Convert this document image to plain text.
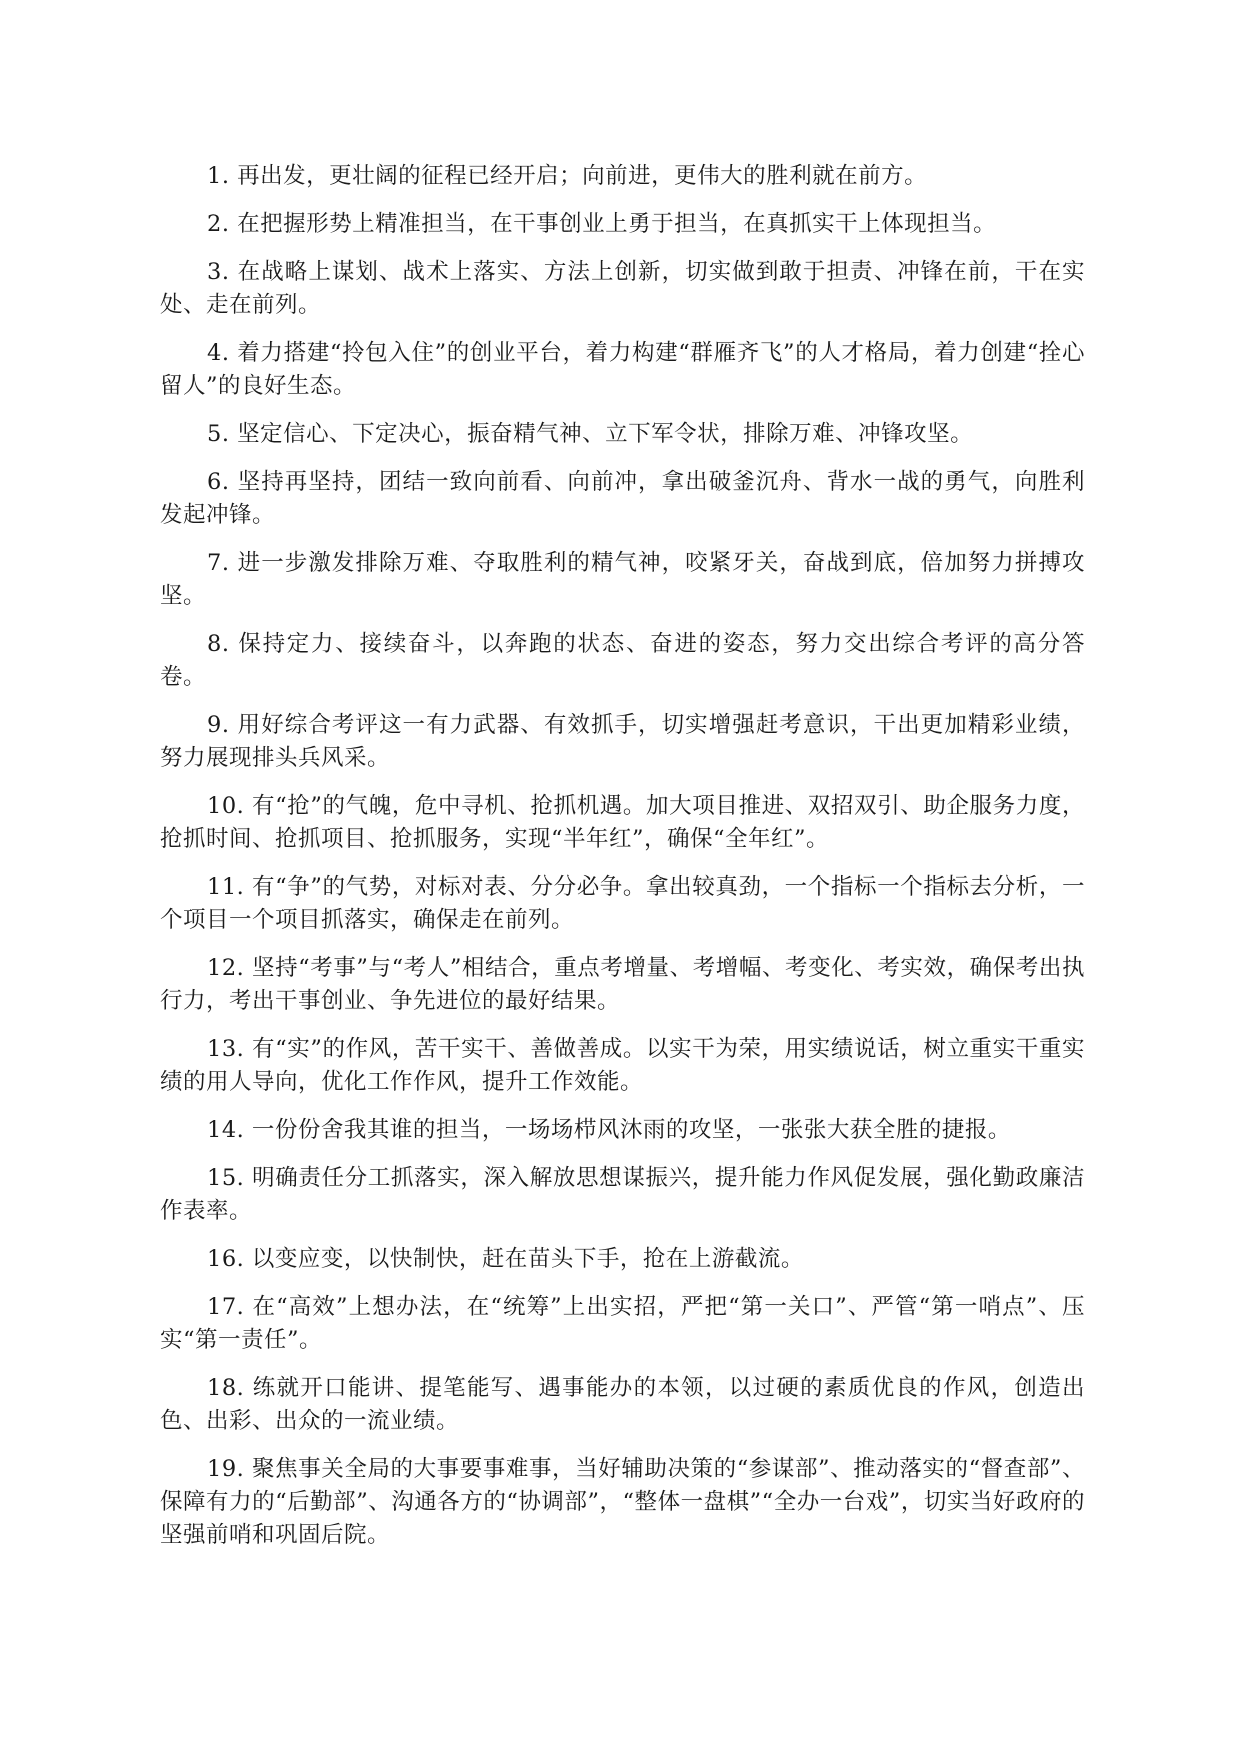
1. 再出发，更壮阔的征程已经开启；向前进，更伟大的胜利就在前方。

2. 在把握形势上精准担当，在干事创业上勇于担当，在真抓实干上体现担当。

3. 在战略上谋划、战术上落实、方法上创新，切实做到敢于担责、冲锋在前，干在实处、走在前列。

4. 着力搭建“拎包入住”的创业平台，着力构建“群雁齐飞”的人才格局，着力创建“拴心留人”的良好生态。

5. 坚定信心、下定决心，振奋精气神、立下军令状，排除万难、冲锋攻坚。

6. 坚持再坚持，团结一致向前看、向前冲，拿出破釜沉舟、背水一战的勇气，向胜利发起冲锋。

7. 进一步激发排除万难、夺取胜利的精气神，咬紧牙关，奋战到底，倍加努力拼搏攻坚。

8. 保持定力、接续奋斗，以奔跑的状态、奋进的姿态，努力交出综合考评的高分答卷。

9. 用好综合考评这一有力武器、有效抓手，切实增强赶考意识，干出更加精彩业绩，努力展现排头兵风采。

10. 有“抢”的气魄，危中寻机、抢抓机遇。加大项目推进、双招双引、助企服务力度，抢抓时间、抢抓项目、抢抓服务，实现“半年红”，确保“全年红”。

11. 有“争”的气势，对标对表、分分必争。拿出较真劲，一个指标一个指标去分析，一个项目一个项目抓落实，确保走在前列。

12. 坚持“考事”与“考人”相结合，重点考增量、考增幅、考变化、考实效，确保考出执行力，考出干事创业、争先进位的最好结果。

13. 有“实”的作风，苦干实干、善做善成。以实干为荣，用实绩说话，树立重实干重实绩的用人导向，优化工作作风，提升工作效能。

14. 一份份舍我其谁的担当，一场场栉风沐雨的攻坚，一张张大获全胜的捷报。

15. 明确责任分工抓落实，深入解放思想谋振兴，提升能力作风促发展，强化勤政廉洁作表率。

16. 以变应变，以快制快，赶在苗头下手，抢在上游截流。

17. 在“高效”上想办法，在“统筹”上出实招，严把“第一关口”、严管“第一哨点”、压实“第一责任”。

18. 练就开口能讲、提笔能写、遇事能办的本领，以过硬的素质优良的作风，创造出色、出彩、出众的一流业绩。

19. 聚焦事关全局的大事要事难事，当好辅助决策的“参谋部”、推动落实的“督查部”、保障有力的“后勤部”、沟通各方的“协调部”，“整体一盘棋”“全办一台戏”，切实当好政府的坚强前哨和巩固后院。
